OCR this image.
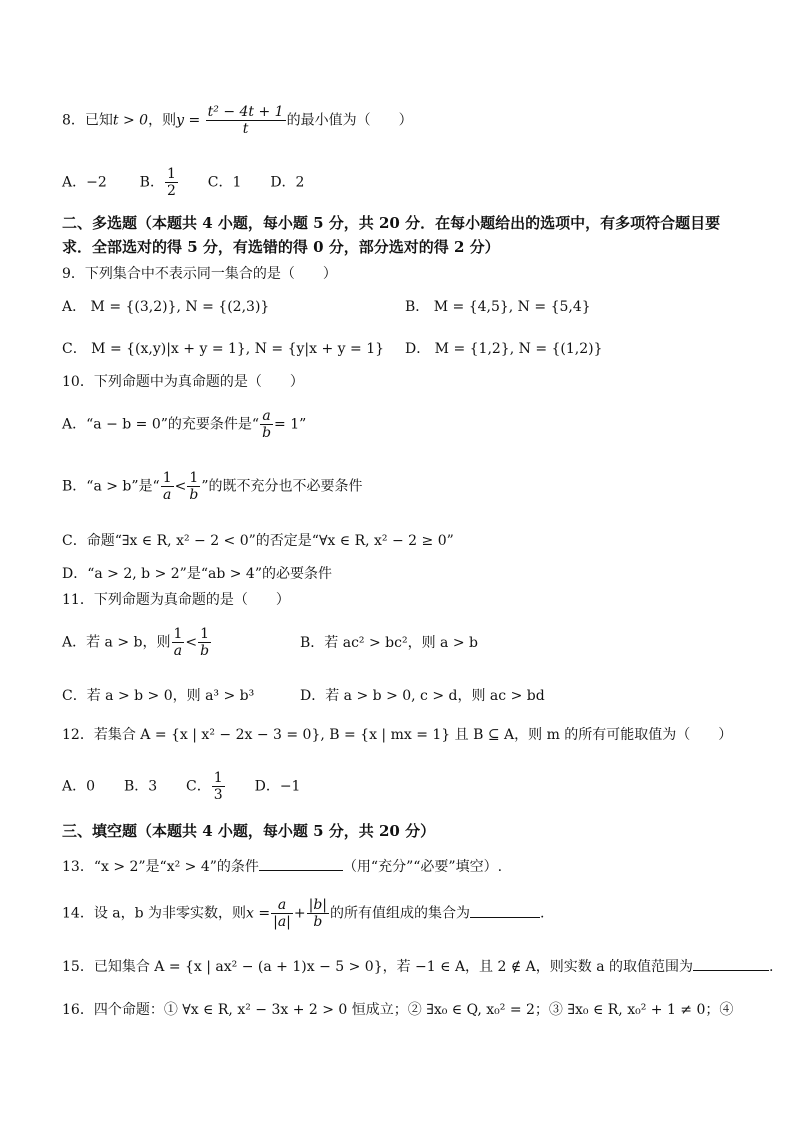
8．已知t > 0，则$y = \frac{\text{t² − 4t + 1}}{t}$ 的最小值为（　　）
A．−2 B． $\frac{1}{2}$ C．1 D．2
二、多选题（本题共 4 小题，每小题 5 分，共 20 分．在每小题给出的选项中，有多项符合题目要求．全部选对的得 5 分，有选错的得 0 分，部分选对的得 2 分）
9．下列集合中不表示同一集合的是（　　）
A． M = {(3,2)}, N = {(2,3)}	B． M = {4,5}, N = {5,4}
C． M = {(x,y)|x + y = 1}, N = {y|x + y = 1} D． M = {1,2}, N = {(1,2)}
10．下列命题中为真命题的是（　　）
A．“a − b = 0”的充要条件是“ $\frac{a}{b} = 1$”
B．“a > b”是“ $\frac{1}{a} < \frac{1}{b}$ ”的既不充分也不必要条件
C．命题“∃x ∈ R, x² − 2 < 0”的否定是“∀x ∈ R, x² − 2 ≥ 0”
D．“a > 2, b > 2”是“ab > 4”的必要条件
11．下列命题为真命题的是（　　）
A．若 a > b，则 $\frac{1}{a} < \frac{1}{b}$	B．若 ac² > bc²，则 a > b
C．若 a > b > 0，则 a³ > b³	D．若 a > b > 0, c > d，则 ac > bd
12．若集合 A = {x | x² − 2x − 3 = 0}, B = {x | mx = 1} 且 B ⊆ A，则 m 的所有可能取值为（　　）
A．0 B．3 C． $\frac{1}{3}$ D．−1
三、填空题（本题共 4 小题，每小题 5 分，共 20 分）
13．“x > 2”是“x² > 4”的条件	（用“充分”“必要”填空）.
14．设 a，b 为非零实数，则$x = \frac{a}{|a|} + \frac{|b|}{b}$ 的所有值组成的集合为	.
15．已知集合 A = {x | ax² − (a + 1)x − 5 > 0}，若 −1 ∈ A，且 2 ∉ A，则实数 a 的取值范围为	.
16．四个命题：① ∀x ∈ R, x² − 3x + 2 > 0 恒成立；② ∃x₀ ∈ Q, x₀² = 2；③ ∃x₀ ∈ R, x₀² + 1 ≠ 0；④
